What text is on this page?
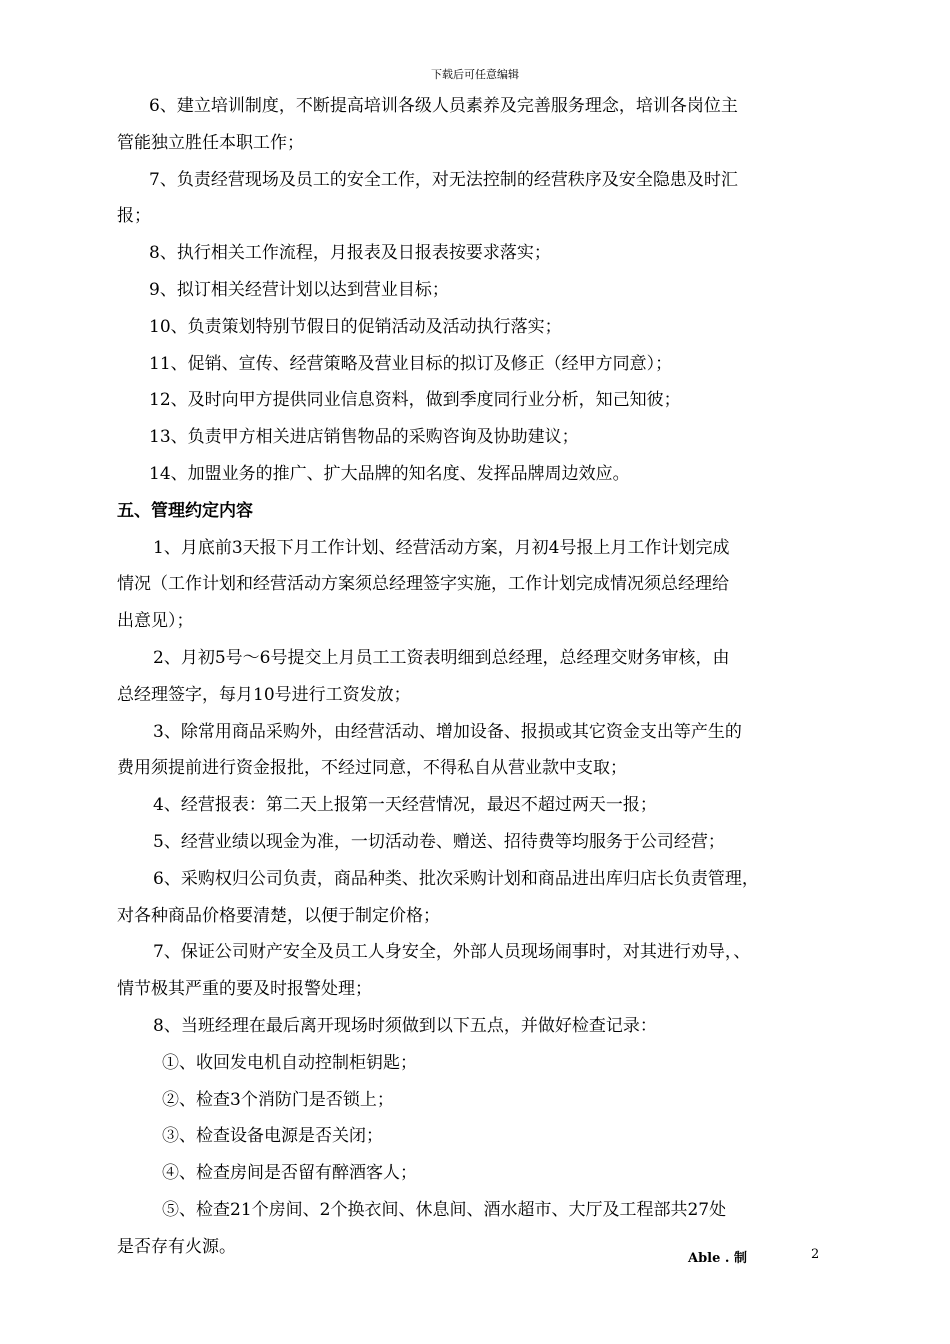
下载后可任意编辑
6、建立培训制度，不断提高培训各级人员素养及完善服务理念，培训各岗位主
管能独立胜任本职工作；
7、负责经营现场及员工的安全工作，对无法控制的经营秩序及安全隐患及时汇
报；
8、执行相关工作流程，月报表及日报表按要求落实；
9、拟订相关经营计划以达到营业目标；
10、负责策划特别节假日的促销活动及活动执行落实；
11、促销、宣传、经营策略及营业目标的拟订及修正（经甲方同意）；
12、及时向甲方提供同业信息资料，做到季度同行业分析，知己知彼；
13、负责甲方相关进店销售物品的采购咨询及协助建议；
14、加盟业务的推广、扩大品牌的知名度、发挥品牌周边效应。
五、管理约定内容
1、月底前3天报下月工作计划、经营活动方案，月初4号报上月工作计划完成
情况（工作计划和经营活动方案须总经理签字实施，工作计划完成情况须总经理给
出意见）；
2、月初5号～6号提交上月员工工资表明细到总经理，总经理交财务审核，由
总经理签字，每月10号进行工资发放；
3、除常用商品采购外，由经营活动、增加设备、报损或其它资金支出等产生的
费用须提前进行资金报批，不经过同意，不得私自从营业款中支取；
4、经营报表：第二天上报第一天经营情况，最迟不超过两天一报；
5、经营业绩以现金为准，一切活动卷、赠送、招待费等均服务于公司经营；
6、采购权归公司负责，商品种类、批次采购计划和商品进出库归店长负责管理，
对各种商品价格要清楚，以便于制定价格；
7、保证公司财产安全及员工人身安全，外部人员现场闹事时，对其进行劝导，、
情节极其严重的要及时报警处理；
8、当班经理在最后离开现场时须做到以下五点，并做好检查记录：
①、收回发电机自动控制柜钥匙；
②、检查3个消防门是否锁上；
③、检查设备电源是否关闭；
④、检查房间是否留有醉酒客人；
⑤、检查21个房间、2个换衣间、休息间、酒水超市、大厅及工程部共27处
是否存有火源。
Able . 制	2
